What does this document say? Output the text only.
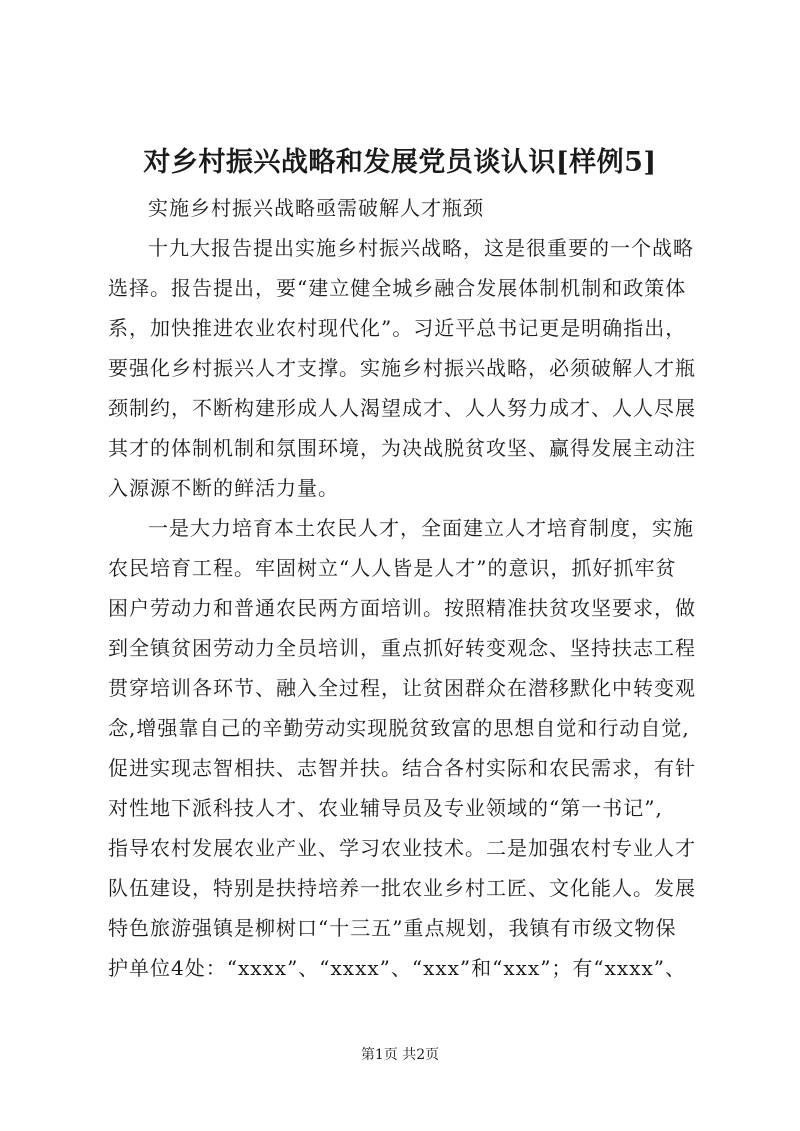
对乡村振兴战略和发展党员谈认识[样例5]
实施乡村振兴战略亟需破解人才瓶颈
十九大报告提出实施乡村振兴战略，这是很重要的一个战略
选择。报告提出，要“建立健全城乡融合发展体制机制和政策体
系，加快推进农业农村现代化”。习近平总书记更是明确指出，
要强化乡村振兴人才支撑。实施乡村振兴战略，必须破解人才瓶
颈制约，不断构建形成人人渴望成才、人人努力成才、人人尽展
其才的体制机制和氛围环境，为决战脱贫攻坚、赢得发展主动注
入源源不断的鲜活力量。
一是大力培育本土农民人才，全面建立人才培育制度，实施
农民培育工程。牢固树立“人人皆是人才”的意识，抓好抓牢贫
困户劳动力和普通农民两方面培训。按照精准扶贫攻坚要求，做
到全镇贫困劳动力全员培训，重点抓好转变观念、坚持扶志工程
贯穿培训各环节、融入全过程，让贫困群众在潜移默化中转变观
念,增强靠自己的辛勤劳动实现脱贫致富的思想自觉和行动自觉,
促进实现志智相扶、志智并扶。结合各村实际和农民需求，有针
对性地下派科技人才、农业辅导员及专业领域的“第一书记”,
指导农村发展农业产业、学习农业技术。二是加强农村专业人才
队伍建设，特别是扶持培养一批农业乡村工匠、文化能人。发展
特色旅游强镇是柳树口“十三五”重点规划，我镇有市级文物保
护单位4处：“xxxx”、“xxxx”、“xxx”和“xxx”；有“xxxx”、
第1页 共2页
